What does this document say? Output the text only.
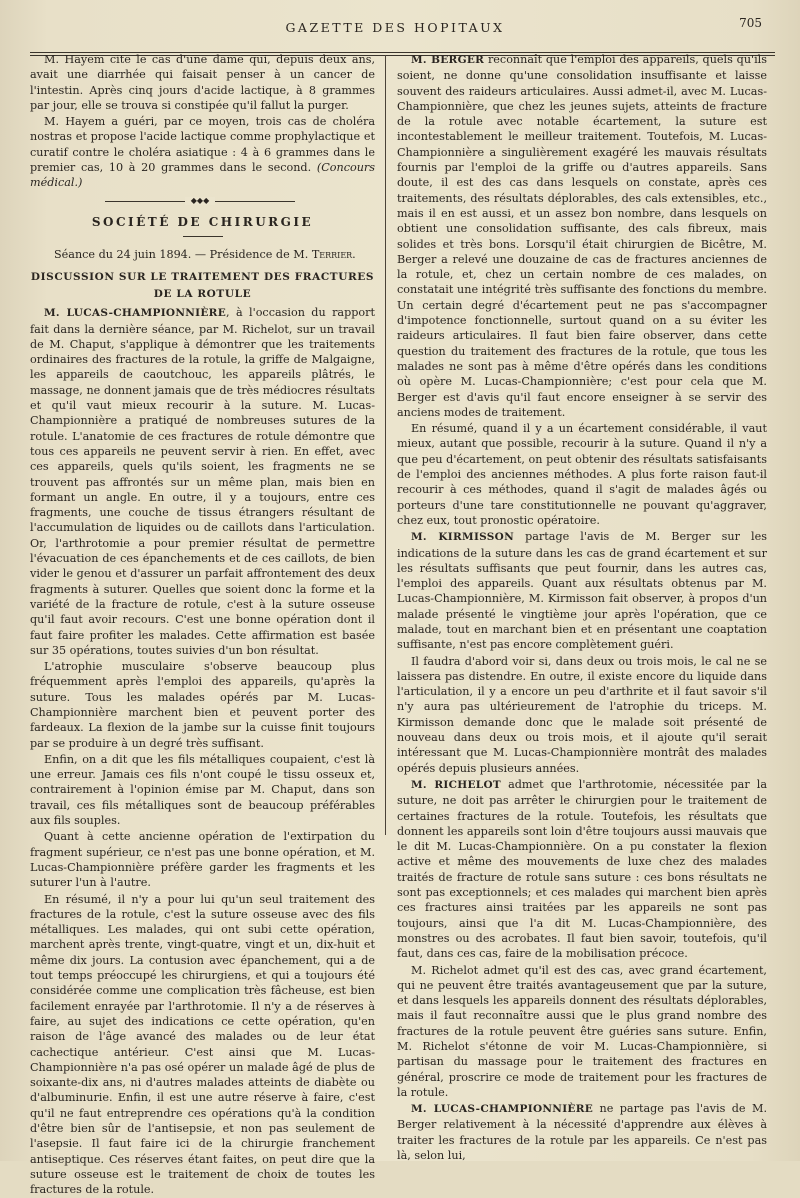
GAZETTE DES HOPITAUX	705

M. Hayem cite le cas d'une dame qui, depuis deux ans, avait une diarrhée qui faisait penser à un cancer de l'intestin. Après cinq jours d'acide lactique, à 8 grammes par jour, elle se trouva si constipée qu'il fallut la purger.

M. Hayem a guéri, par ce moyen, trois cas de choléra nostras et propose l'acide lactique comme prophylactique et curatif contre le choléra asiatique : 4 à 6 grammes dans le premier cas, 10 à 20 grammes dans le second. (Concours médical.)

◆◆◆
SOCIÉTÉ DE CHIRURGIE

Séance du 24 juin 1894. — Présidence de M. Terrier.

DISCUSSION SUR LE TRAITEMENT DES FRACTURES
DE LA ROTULE

M. LUCAS-CHAMPIONNIÈRE, à l'occasion du rapport fait dans la dernière séance, par M. Richelot, sur un travail de M. Chaput, s'applique à démontrer que les traitements ordinaires des fractures de la rotule, la griffe de Malgaigne, les appareils de caoutchouc, les appareils plâtrés, le massage, ne donnent jamais que de très médiocres résultats et qu'il vaut mieux recourir à la suture. M. Lucas-Championnière a pratiqué de nombreuses sutures de la rotule. L'anatomie de ces fractures de rotule démontre que tous ces appareils ne peuvent servir à rien. En effet, avec ces appareils, quels qu'ils soient, les fragments ne se trouvent pas affrontés sur un même plan, mais bien en formant un angle. En outre, il y a toujours, entre ces fragments, une couche de tissus étrangers résultant de l'accumulation de liquides ou de caillots dans l'articulation. Or, l'arthrotomie a pour premier résultat de permettre l'évacuation de ces épanchements et de ces caillots, de bien vider le genou et d'assurer un parfait affrontement des deux fragments à suturer. Quelles que soient donc la forme et la variété de la fracture de rotule, c'est à la suture osseuse qu'il faut avoir recours. C'est une bonne opération dont il faut faire profiter les malades. Cette affirmation est basée sur 35 opérations, toutes suivies d'un bon résultat.

L'atrophie musculaire s'observe beaucoup plus fréquemment après l'emploi des appareils, qu'après la suture. Tous les malades opérés par M. Lucas-Championnière marchent bien et peuvent porter des fardeaux. La flexion de la jambe sur la cuisse finit toujours par se produire à un degré très suffisant.

Enfin, on a dit que les fils métalliques coupaient, c'est là une erreur. Jamais ces fils n'ont coupé le tissu osseux et, contrairement à l'opinion émise par M. Chaput, dans son travail, ces fils métalliques sont de beaucoup préférables aux fils souples.

Quant à cette ancienne opération de l'extirpation du fragment supérieur, ce n'est pas une bonne opération, et M. Lucas-Championnière préfère garder les fragments et les suturer l'un à l'autre.

En résumé, il n'y a pour lui qu'un seul traitement des fractures de la rotule, c'est la suture osseuse avec des fils métalliques. Les malades, qui ont subi cette opération, marchent après trente, vingt-quatre, vingt et un, dix-huit et même dix jours. La contusion avec épanchement, qui a de tout temps préoccupé les chirurgiens, et qui a toujours été considérée comme une complication très fâcheuse, est bien facilement enrayée par l'arthrotomie. Il n'y a de réserves à faire, au sujet des indications ce cette opération, qu'en raison de l'âge avancé des malades ou de leur état cachectique antérieur. C'est ainsi que M. Lucas-Championnière n'a pas osé opérer un malade âgé de plus de soixante-dix ans, ni d'autres malades atteints de diabète ou d'albuminurie. Enfin, il est une autre réserve à faire, c'est qu'il ne faut entreprendre ces opérations qu'à la condition d'être bien sûr de l'antisepsie, et non pas seulement de l'asepsie. Il faut faire ici de la chirurgie franchement antiseptique. Ces réserves étant faites, on peut dire que la suture osseuse est le traitement de choix de toutes les fractures de la rotule.

M. BERGER reconnaît que l'emploi des appareils, quels qu'ils soient, ne donne qu'une consolidation insuffisante et laisse souvent des raideurs articulaires. Aussi admet-il, avec M. Lucas-Championnière, que chez les jeunes sujets, atteints de fracture de la rotule avec notable écartement, la suture est incontestablement le meilleur traitement. Toutefois, M. Lucas-Championnière a singulièrement exagéré les mauvais résultats fournis par l'emploi de la griffe ou d'autres appareils. Sans doute, il est des cas dans lesquels on constate, après ces traitements, des résultats déplorables, des cals extensibles, etc., mais il en est aussi, et un assez bon nombre, dans lesquels on obtient une consolidation suffisante, des cals fibreux, mais solides et très bons. Lorsqu'il était chirurgien de Bicêtre, M. Berger a relevé une douzaine de cas de fractures anciennes de la rotule, et, chez un certain nombre de ces malades, on constatait une intégrité très suffisante des fonctions du membre. Un certain degré d'écartement peut ne pas s'accompagner d'impotence fonctionnelle, surtout quand on a su éviter les raideurs articulaires. Il faut bien faire observer, dans cette question du traitement des fractures de la rotule, que tous les malades ne sont pas à même d'être opérés dans les conditions où opère M. Lucas-Championnière; c'est pour cela que M. Berger est d'avis qu'il faut encore enseigner à se servir des anciens modes de traitement.

En résumé, quand il y a un écartement considérable, il vaut mieux, autant que possible, recourir à la suture. Quand il n'y a que peu d'écartement, on peut obtenir des résultats satisfaisants de l'emploi des anciennes méthodes. A plus forte raison faut-il recourir à ces méthodes, quand il s'agit de malades âgés ou porteurs d'une tare constitutionnelle ne pouvant qu'aggraver, chez eux, tout pronostic opératoire.

M. KIRMISSON partage l'avis de M. Berger sur les indications de la suture dans les cas de grand écartement et sur les résultats suffisants que peut fournir, dans les autres cas, l'emploi des appareils. Quant aux résultats obtenus par M. Lucas-Championnière, M. Kirmisson fait observer, à propos d'un malade présenté le vingtième jour après l'opération, que ce malade, tout en marchant bien et en présentant une coaptation suffisante, n'est pas encore complètement guéri.

Il faudra d'abord voir si, dans deux ou trois mois, le cal ne se laissera pas distendre. En outre, il existe encore du liquide dans l'articulation, il y a encore un peu d'arthrite et il faut savoir s'il n'y aura pas ultérieurement de l'atrophie du triceps. M. Kirmisson demande donc que le malade soit présenté de nouveau dans deux ou trois mois, et il ajoute qu'il serait intéressant que M. Lucas-Championnière montrât des malades opérés depuis plusieurs années.

M. RICHELOT admet que l'arthrotomie, nécessitée par la suture, ne doit pas arrêter le chirurgien pour le traitement de certaines fractures de la rotule. Toutefois, les résultats que donnent les appareils sont loin d'être toujours aussi mauvais que le dit M. Lucas-Championnière. On a pu constater la flexion active et même des mouvements de luxe chez des malades traités de fracture de rotule sans suture : ces bons résultats ne sont pas exceptionnels; et ces malades qui marchent bien après ces fractures ainsi traitées par les appareils ne sont pas toujours, ainsi que l'a dit M. Lucas-Championnière, des monstres ou des acrobates. Il faut bien savoir, toutefois, qu'il faut, dans ces cas, faire de la mobilisation précoce.

M. Richelot admet qu'il est des cas, avec grand écartement, qui ne peuvent être traités avantageusement que par la suture, et dans lesquels les appareils donnent des résultats déplorables, mais il faut reconnaître aussi que le plus grand nombre des fractures de la rotule peuvent être guéries sans suture. Enfin, M. Richelot s'étonne de voir M. Lucas-Championnière, si partisan du massage pour le traitement des fractures en général, proscrire ce mode de traitement pour les fractures de la rotule.

M. LUCAS-CHAMPIONNIÈRE ne partage pas l'avis de M. Berger relativement à la nécessité d'apprendre aux élèves à traiter les fractures de la rotule par les appareils. Ce n'est pas là, selon lui,
